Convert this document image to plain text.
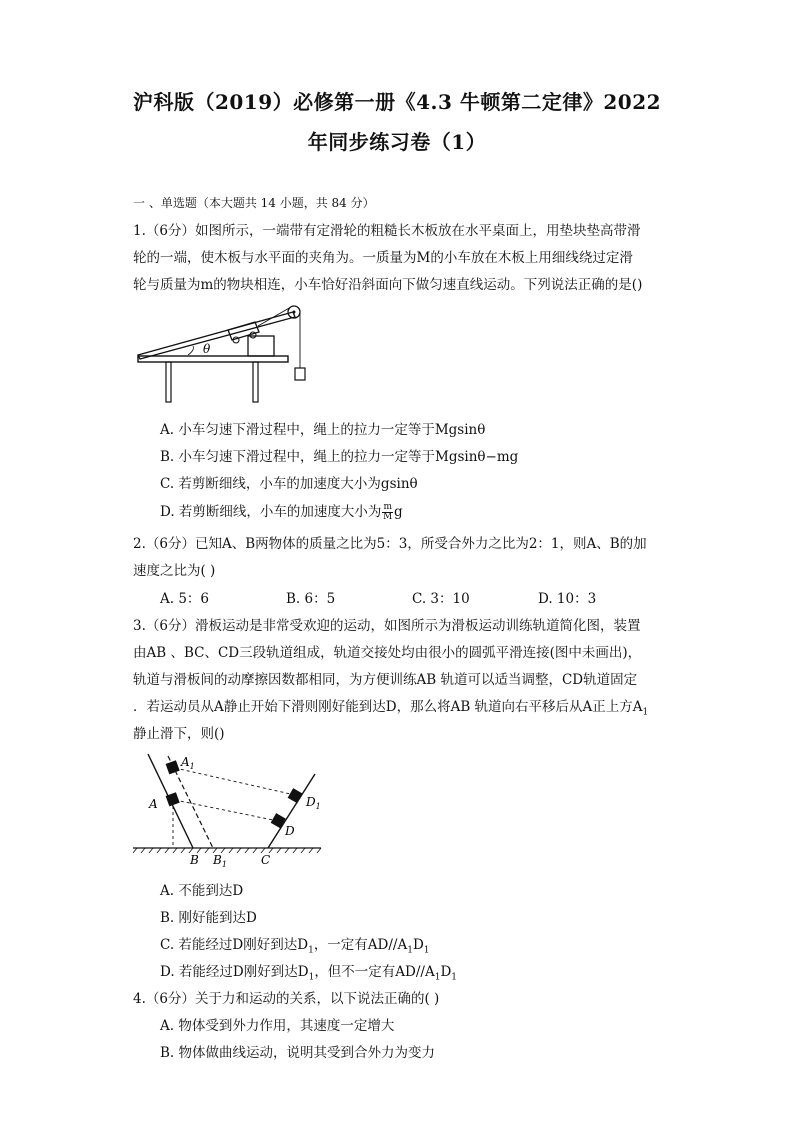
沪科版（2019）必修第一册《4.3 牛顿第二定律》2022
年同步练习卷（1）
一 、单选题（本大题共 14 小题，共 84 分）
1.（6分）如图所示，一端带有定滑轮的粗糙长木板放在水平桌面上，用垫块垫高带滑
轮的一端，使木板与水平面的夹角为。一质量为M的小车放在木板上用细线绕过定滑
轮与质量为m的物块相连，小车恰好沿斜面向下做匀速直线运动。下列说法正确的是()
θ
A. 小车匀速下滑过程中，绳上的拉力一定等于Mgsinθ
B. 小车匀速下滑过程中，绳上的拉力一定等于Mgsinθ−mg
C. 若剪断细线，小车的加速度大小为gsinθ
D. 若剪断细线，小车的加速度大小为 $\frac{m}{M}$ g
2.（6分）已知A、B两物体的质量之比为5：3，所受合外力之比为2：1，则A、B的加
速度之比为( )
A. 5：6	B. 6：5	C. 3：10	D. 10：3
3.（6分）滑板运动是非常受欢迎的运动，如图所示为滑板运动训练轨道简化图，装置
由AB 、BC、CD三段轨道组成，轨道交接处均由很小的圆弧平滑连接(图中未画出)，
轨道与滑板间的动摩擦因数都相同，为方便训练AB 轨道可以适当调整，CD轨道固定
．若运动员从A静止开始下滑则刚好能到达D，那么将AB 轨道向右平移后从A正上方$A_1$
静止滑下，则()
$A_1$
A
B $B_1$	C
D
$D_1$
A. 不能到达D
B. 刚好能到达D
C. 若能经过D刚好到达$D_1$，一定有$AD//A_1D_1$
D. 若能经过D刚好到达$D_1$，但不一定有$AD//A_1D_1$
4.（6分）关于力和运动的关系，以下说法正确的( )
A. 物体受到外力作用，其速度一定增大
B. 物体做曲线运动，说明其受到合外力为变力
